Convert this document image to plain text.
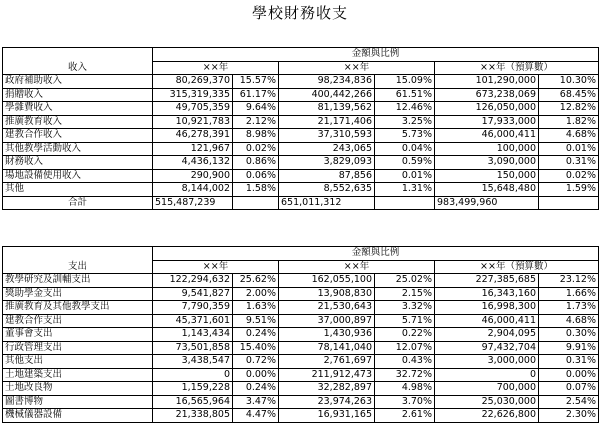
學校財務收支
收入	金額與比例					
	××年		××年		××年（預算數）	
政府補助收入	80,269,370	15.57%	98,234,836	15.09%	101,290,000	10.30%
捐贈收入	315,319,335	61.17%	400,442,266	61.51%	673,238,069	68.45%
學雜費收入	49,705,359	9.64%	81,139,562	12.46%	126,050,000	12.82%
推廣教育收入	10,921,783	2.12%	21,171,406	3.25%	17,933,000	1.82%
建教合作收入	46,278,391	8.98%	37,310,593	5.73%	46,000,411	4.68%
其他教學活動收入	121,967	0.02%	243,065	0.04%	100,000	0.01%
財務收入	4,436,132	0.86%	3,829,093	0.59%	3,090,000	0.31%
場地設備使用收入	290,900	0.06%	87,856	0.01%	150,000	0.02%
其他	8,144,002	1.58%	8,552,635	1.31%	15,648,480	1.59%
合計	515,487,239		651,011,312		983,499,960	
支出	金額與比例					
	××年		××年		××年（預算數）	
教學研究及訓輔支出	122,294,632	25.62%	162,055,100	25.02%	227,385,685	23.12%
獎助學金支出	9,541,827	2.00%	13,908,830	2.15%	16,343,160	1.66%
推廣教育及其他教學支出	7,790,359	1.63%	21,530,643	3.32%	16,998,300	1.73%
建教合作支出	45,371,601	9.51%	37,000,897	5.71%	46,000,411	4.68%
董事會支出	1,143,434	0.24%	1,430,936	0.22%	2,904,095	0.30%
行政管理支出	73,501,858	15.40%	78,141,040	12.07%	97,432,704	9.91%
其他支出	3,438,547	0.72%	2,761,697	0.43%	3,000,000	0.31%
土地建築支出	0	0.00%	211,912,473	32.72%	0	0.00%
土地改良物	1,159,228	0.24%	32,282,897	4.98%	700,000	0.07%
圖書博物	16,565,964	3.47%	23,974,263	3.70%	25,030,000	2.54%
機械儀器設備	21,338,805	4.47%	16,931,165	2.61%	22,626,800	2.30%
